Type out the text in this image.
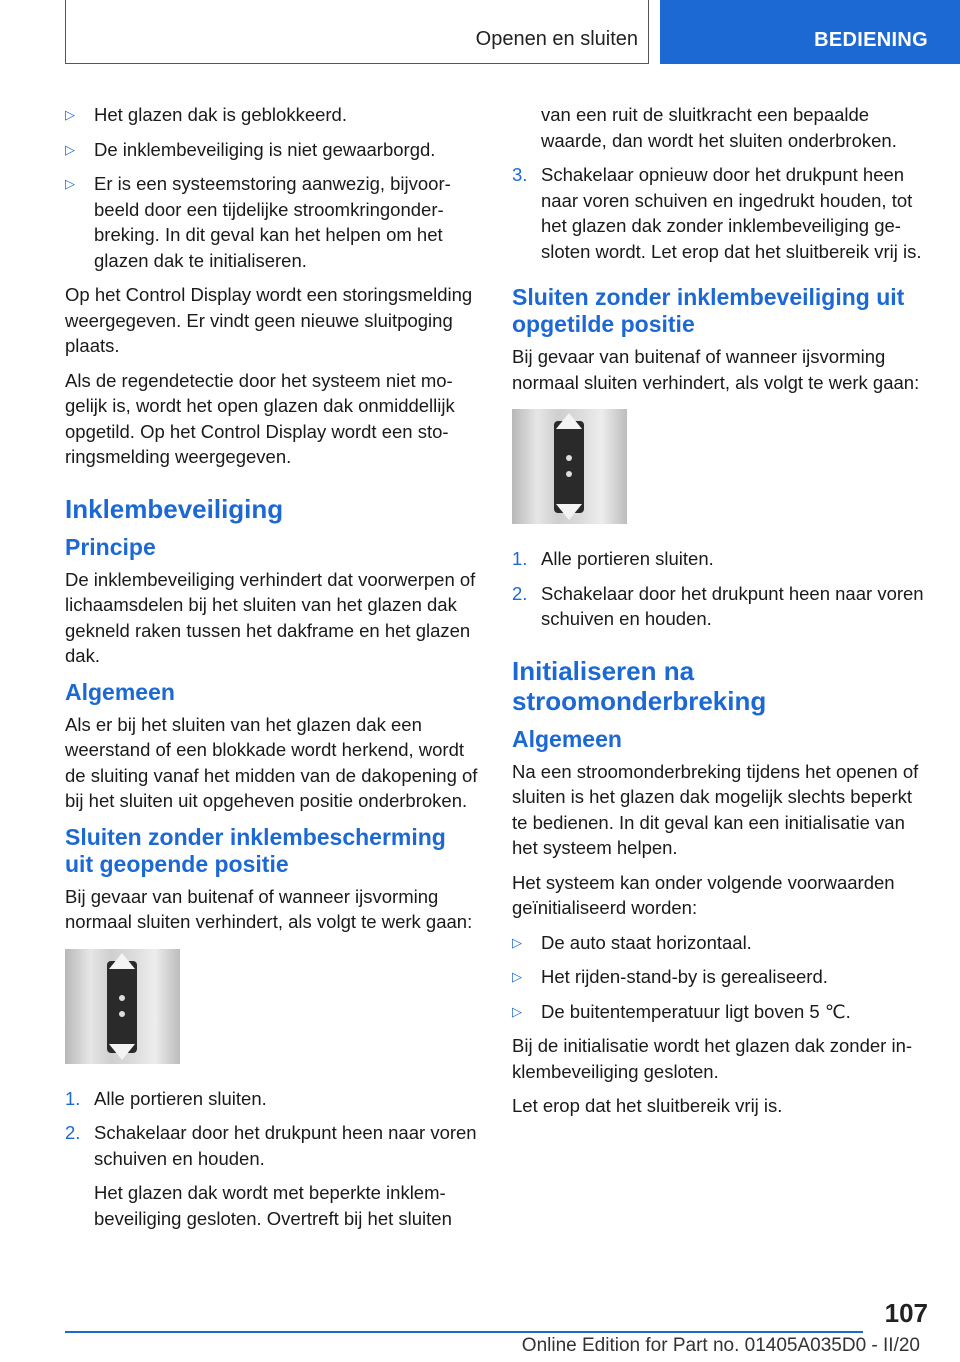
Openen en sluiten	BEDIENING
▷	Het glazen dak is geblokkeerd.
▷	De inklembeveiliging is niet gewaarborgd.
▷	Er is een systeemstoring aanwezig, bijvoorbeeld door een tijdelijke stroomkringonderbreking. In dit geval kan het helpen om het glazen dak te initialiseren.

Op het Control Display wordt een storingsmelding weergegeven. Er vindt geen nieuwe sluitpoging plaats.

Als de regendetectie door het systeem niet mogelijk is, wordt het open glazen dak onmiddellijk opgetild. Op het Control Display wordt een storingsmelding weergegeven.

Inklembeveiliging
Principe

De inklembeveiliging verhindert dat voorwerpen of lichaamsdelen bij het sluiten van het glazen dak gekneld raken tussen het dakframe en het glazen dak.

Algemeen

Als er bij het sluiten van het glazen dak een weerstand of een blokkade wordt herkend, wordt de sluiting vanaf het midden van de dakopening of bij het sluiten uit opgeheven positie onderbroken.

Sluiten zonder inklembescherming uit geopende positie

Bij gevaar van buitenaf of wanneer ijsvorming normaal sluiten verhindert, als volgt te werk gaan:

1. Alle portieren sluiten.
2. Schakelaar door het drukpunt heen naar voren schuiven en houden.

Het glazen dak wordt met beperkte inklembeveiliging gesloten. Overtreft bij het sluiten

van een ruit de sluitkracht een bepaalde waarde, dan wordt het sluiten onderbroken.

3. Schakelaar opnieuw door het drukpunt heen naar voren schuiven en ingedrukt houden, tot het glazen dak zonder inklembeveiliging gesloten wordt. Let erop dat het sluitbereik vrij is.
Sluiten zonder inklembeveiliging uit opgetilde positie

Bij gevaar van buitenaf of wanneer ijsvorming normaal sluiten verhindert, als volgt te werk gaan:

1. Alle portieren sluiten.
2. Schakelaar door het drukpunt heen naar voren schuiven en houden.
Initialiseren na stroomonderbreking
Algemeen

Na een stroomonderbreking tijdens het openen of sluiten is het glazen dak mogelijk slechts beperkt te bedienen. In dit geval kan een initialisatie van het systeem helpen.

Het systeem kan onder volgende voorwaarden geïnitialiseerd worden:

▷	De auto staat horizontaal.
▷	Het rijden-stand-by is gerealiseerd.
▷	De buitentemperatuur ligt boven 5 ℃.

Bij de initialisatie wordt het glazen dak zonder inklembeveiliging gesloten.

Let erop dat het sluitbereik vrij is.

107
Online Edition for Part no. 01405A035D0 - II/20
